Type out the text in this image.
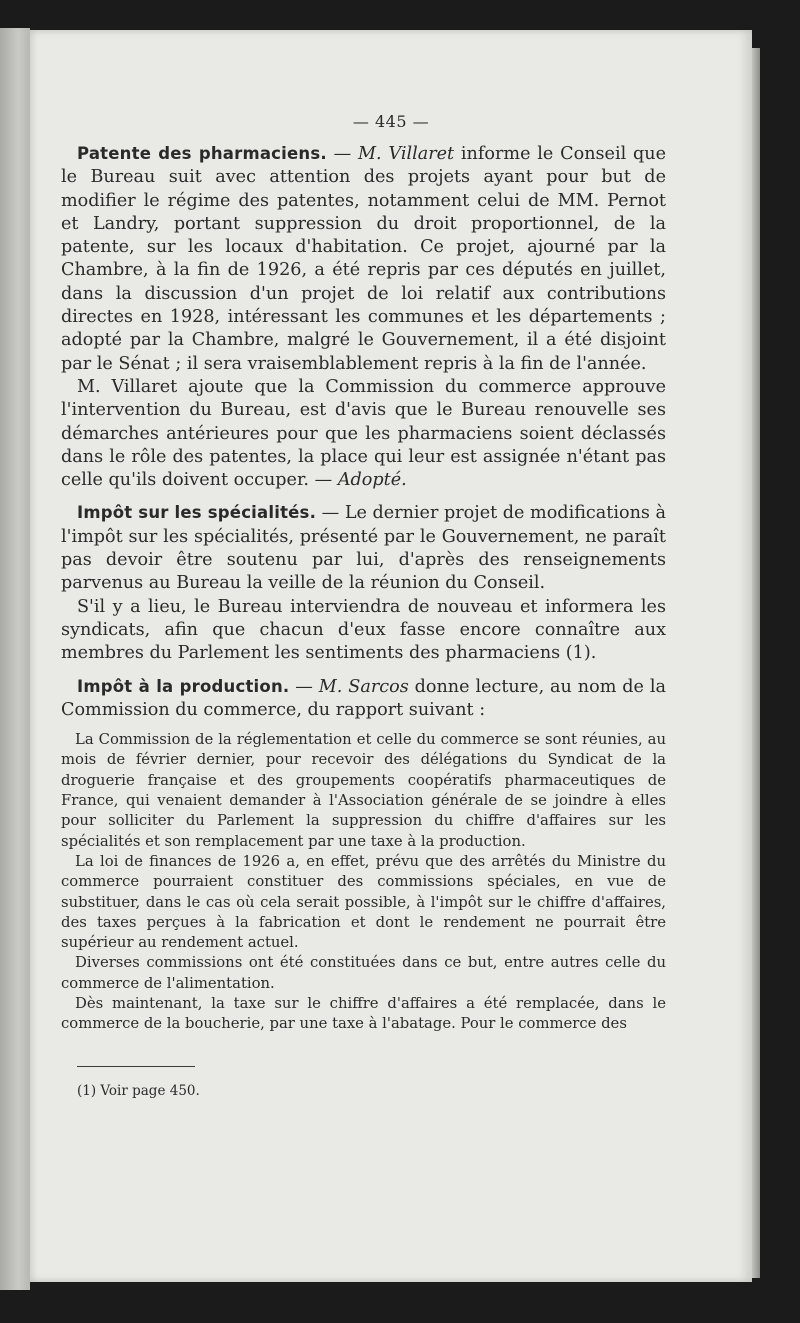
— 445 —

Patente des pharmaciens. — M. Villaret informe le Conseil que le Bureau suit avec attention des projets ayant pour but de modifier le régime des patentes, notamment celui de MM. Pernot et Landry, portant suppression du droit proportionnel, de la patente, sur les locaux d'habitation. Ce projet, ajourné par la Chambre, à la fin de 1926, a été repris par ces députés en juillet, dans la discussion d'un projet de loi relatif aux contributions directes en 1928, intéressant les communes et les départements ; adopté par la Chambre, malgré le Gouvernement, il a été disjoint par le Sénat ; il sera vraisemblablement repris à la fin de l'année.

M. Villaret ajoute que la Commission du commerce approuve l'intervention du Bureau, est d'avis que le Bureau renouvelle ses démarches antérieures pour que les pharmaciens soient déclassés dans le rôle des patentes, la place qui leur est assignée n'étant pas celle qu'ils doivent occuper. — Adopté.

Impôt sur les spécialités. — Le dernier projet de modifications à l'impôt sur les spécialités, présenté par le Gouvernement, ne paraît pas devoir être soutenu par lui, d'après des renseignements parvenus au Bureau la veille de la réunion du Conseil.

S'il y a lieu, le Bureau interviendra de nouveau et informera les syndicats, afin que chacun d'eux fasse encore connaître aux membres du Parlement les sentiments des pharmaciens (1).

Impôt à la production. — M. Sarcos donne lecture, au nom de la Commission du commerce, du rapport suivant :

La Commission de la réglementation et celle du commerce se sont réunies, au mois de février dernier, pour recevoir des délégations du Syndicat de la droguerie française et des groupements coopératifs pharmaceutiques de France, qui venaient demander à l'Association générale de se joindre à elles pour solliciter du Parlement la suppression du chiffre d'affaires sur les spécialités et son remplacement par une taxe à la production.

La loi de finances de 1926 a, en effet, prévu que des arrêtés du Ministre du commerce pourraient constituer des commissions spéciales, en vue de substituer, dans le cas où cela serait possible, à l'impôt sur le chiffre d'affaires, des taxes perçues à la fabrication et dont le rendement ne pourrait être supérieur au rendement actuel.

Diverses commissions ont été constituées dans ce but, entre autres celle du commerce de l'alimentation.

Dès maintenant, la taxe sur le chiffre d'affaires a été remplacée, dans le commerce de la boucherie, par une taxe à l'abatage. Pour le commerce des

(1) Voir page 450.
